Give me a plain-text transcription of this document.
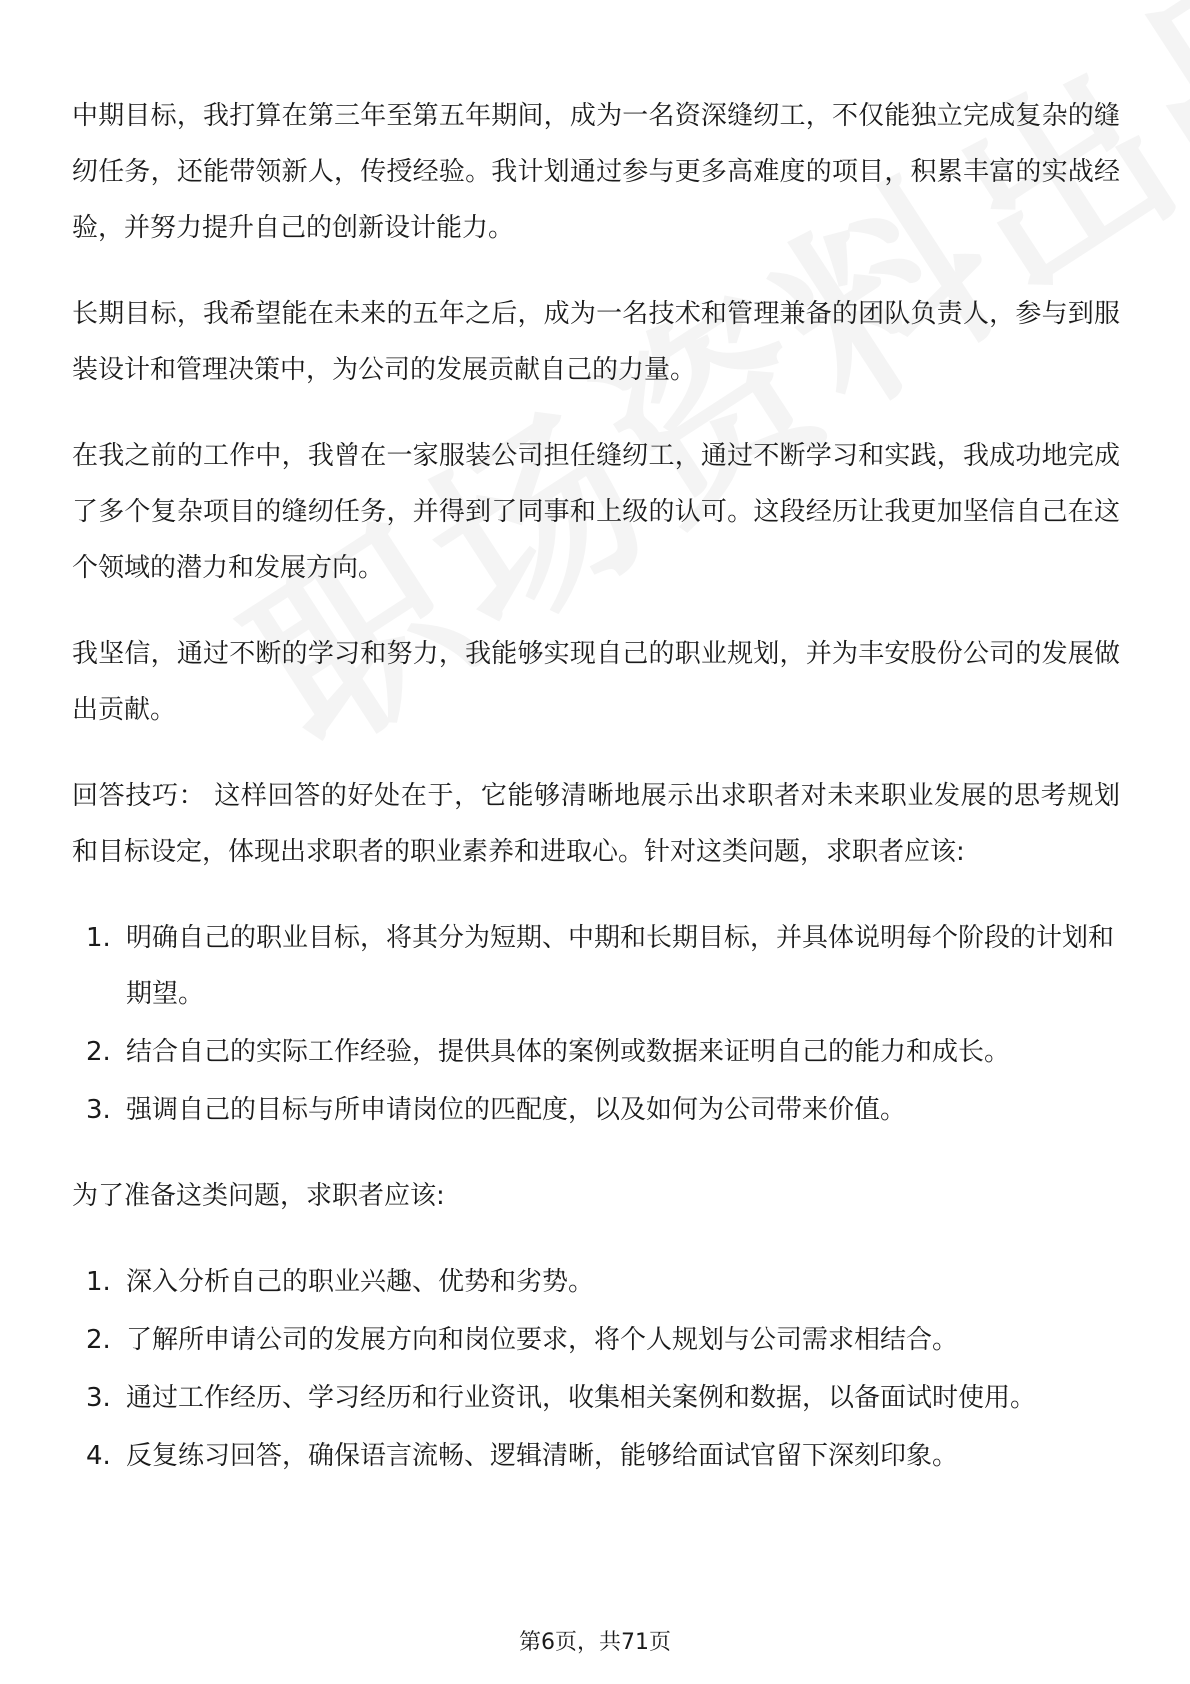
中期目标，我打算在第三年至第五年期间，成为一名资深缝纫工，不仅能独立完成复杂的缝纫任务，还能带领新人，传授经验。我计划通过参与更多高难度的项目，积累丰富的实战经验，并努力提升自己的创新设计能力。

长期目标，我希望能在未来的五年之后，成为一名技术和管理兼备的团队负责人，参与到服装设计和管理决策中，为公司的发展贡献自己的力量。

在我之前的工作中，我曾在一家服装公司担任缝纫工，通过不断学习和实践，我成功地完成了多个复杂项目的缝纫任务，并得到了同事和上级的认可。这段经历让我更加坚信自己在这个领域的潜力和发展方向。

我坚信，通过不断的学习和努力，我能够实现自己的职业规划，并为丰安股份公司的发展做出贡献。

回答技巧： 这样回答的好处在于，它能够清晰地展示出求职者对未来职业发展的思考规划和目标设定，体现出求职者的职业素养和进取心。针对这类问题，求职者应该:

1. 明确自己的职业目标，将其分为短期、中期和长期目标，并具体说明每个阶段的计划和期望。
2. 结合自己的实际工作经验，提供具体的案例或数据来证明自己的能力和成长。
3. 强调自己的目标与所申请岗位的匹配度，以及如何为公司带来价值。

为了准备这类问题，求职者应该:

1. 深入分析自己的职业兴趣、优势和劣势。
2. 了解所申请公司的发展方向和岗位要求，将个人规划与公司需求相结合。
3. 通过工作经历、学习经历和行业资讯，收集相关案例和数据，以备面试时使用。
4. 反复练习回答，确保语言流畅、逻辑清晰，能够给面试官留下深刻印象。
第6页，共71页
